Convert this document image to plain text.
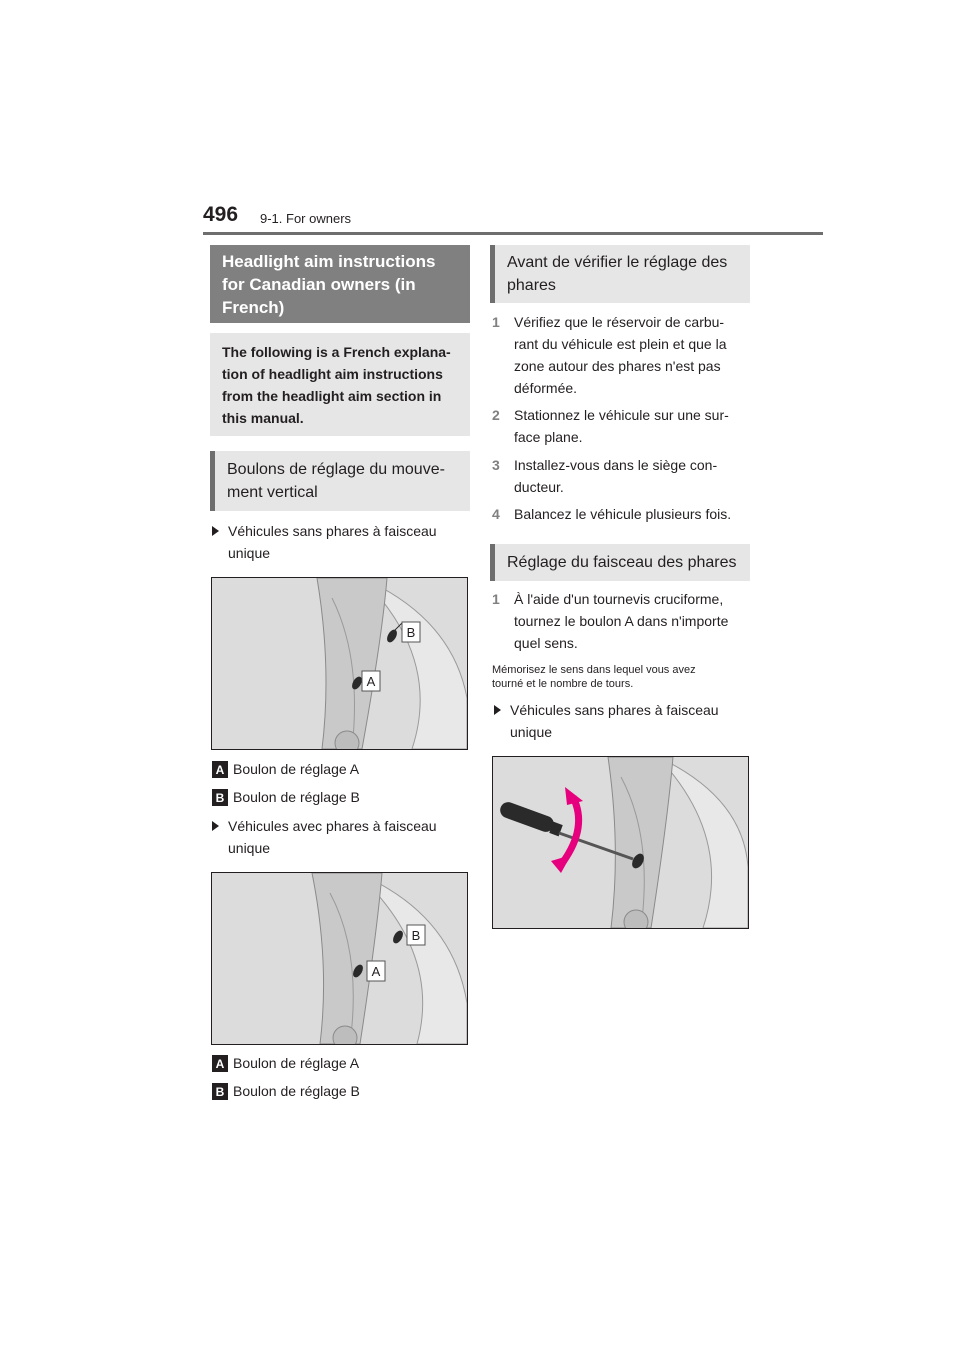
496 9-1. For owners
Headlight aim instructions
for Canadian owners (in
French)
The following is a French explana-
tion of headlight aim instructions
from the headlight aim section in
this manual.
Boulons de réglage du mouve-
ment vertical
Véhicules sans phares à faisceau
unique
B
A
A Boulon de réglage A
B Boulon de réglage B
Véhicules avec phares à faisceau
unique
B
A
A Boulon de réglage A
B Boulon de réglage B
Avant de vérifier le réglage des
phares
1 Vérifiez que le réservoir de carbu-
rant du véhicule est plein et que la
zone autour des phares n'est pas
déformée.
2 Stationnez le véhicule sur une sur-
face plane.
3 Installez-vous dans le siège con-
ducteur.
4 Balancez le véhicule plusieurs fois.
Réglage du faisceau des phares
1 À l'aide d'un tournevis cruciforme,
tournez le boulon A dans n'importe
quel sens.
Mémorisez le sens dans lequel vous avez
tourné et le nombre de tours.
Véhicules sans phares à faisceau
unique
